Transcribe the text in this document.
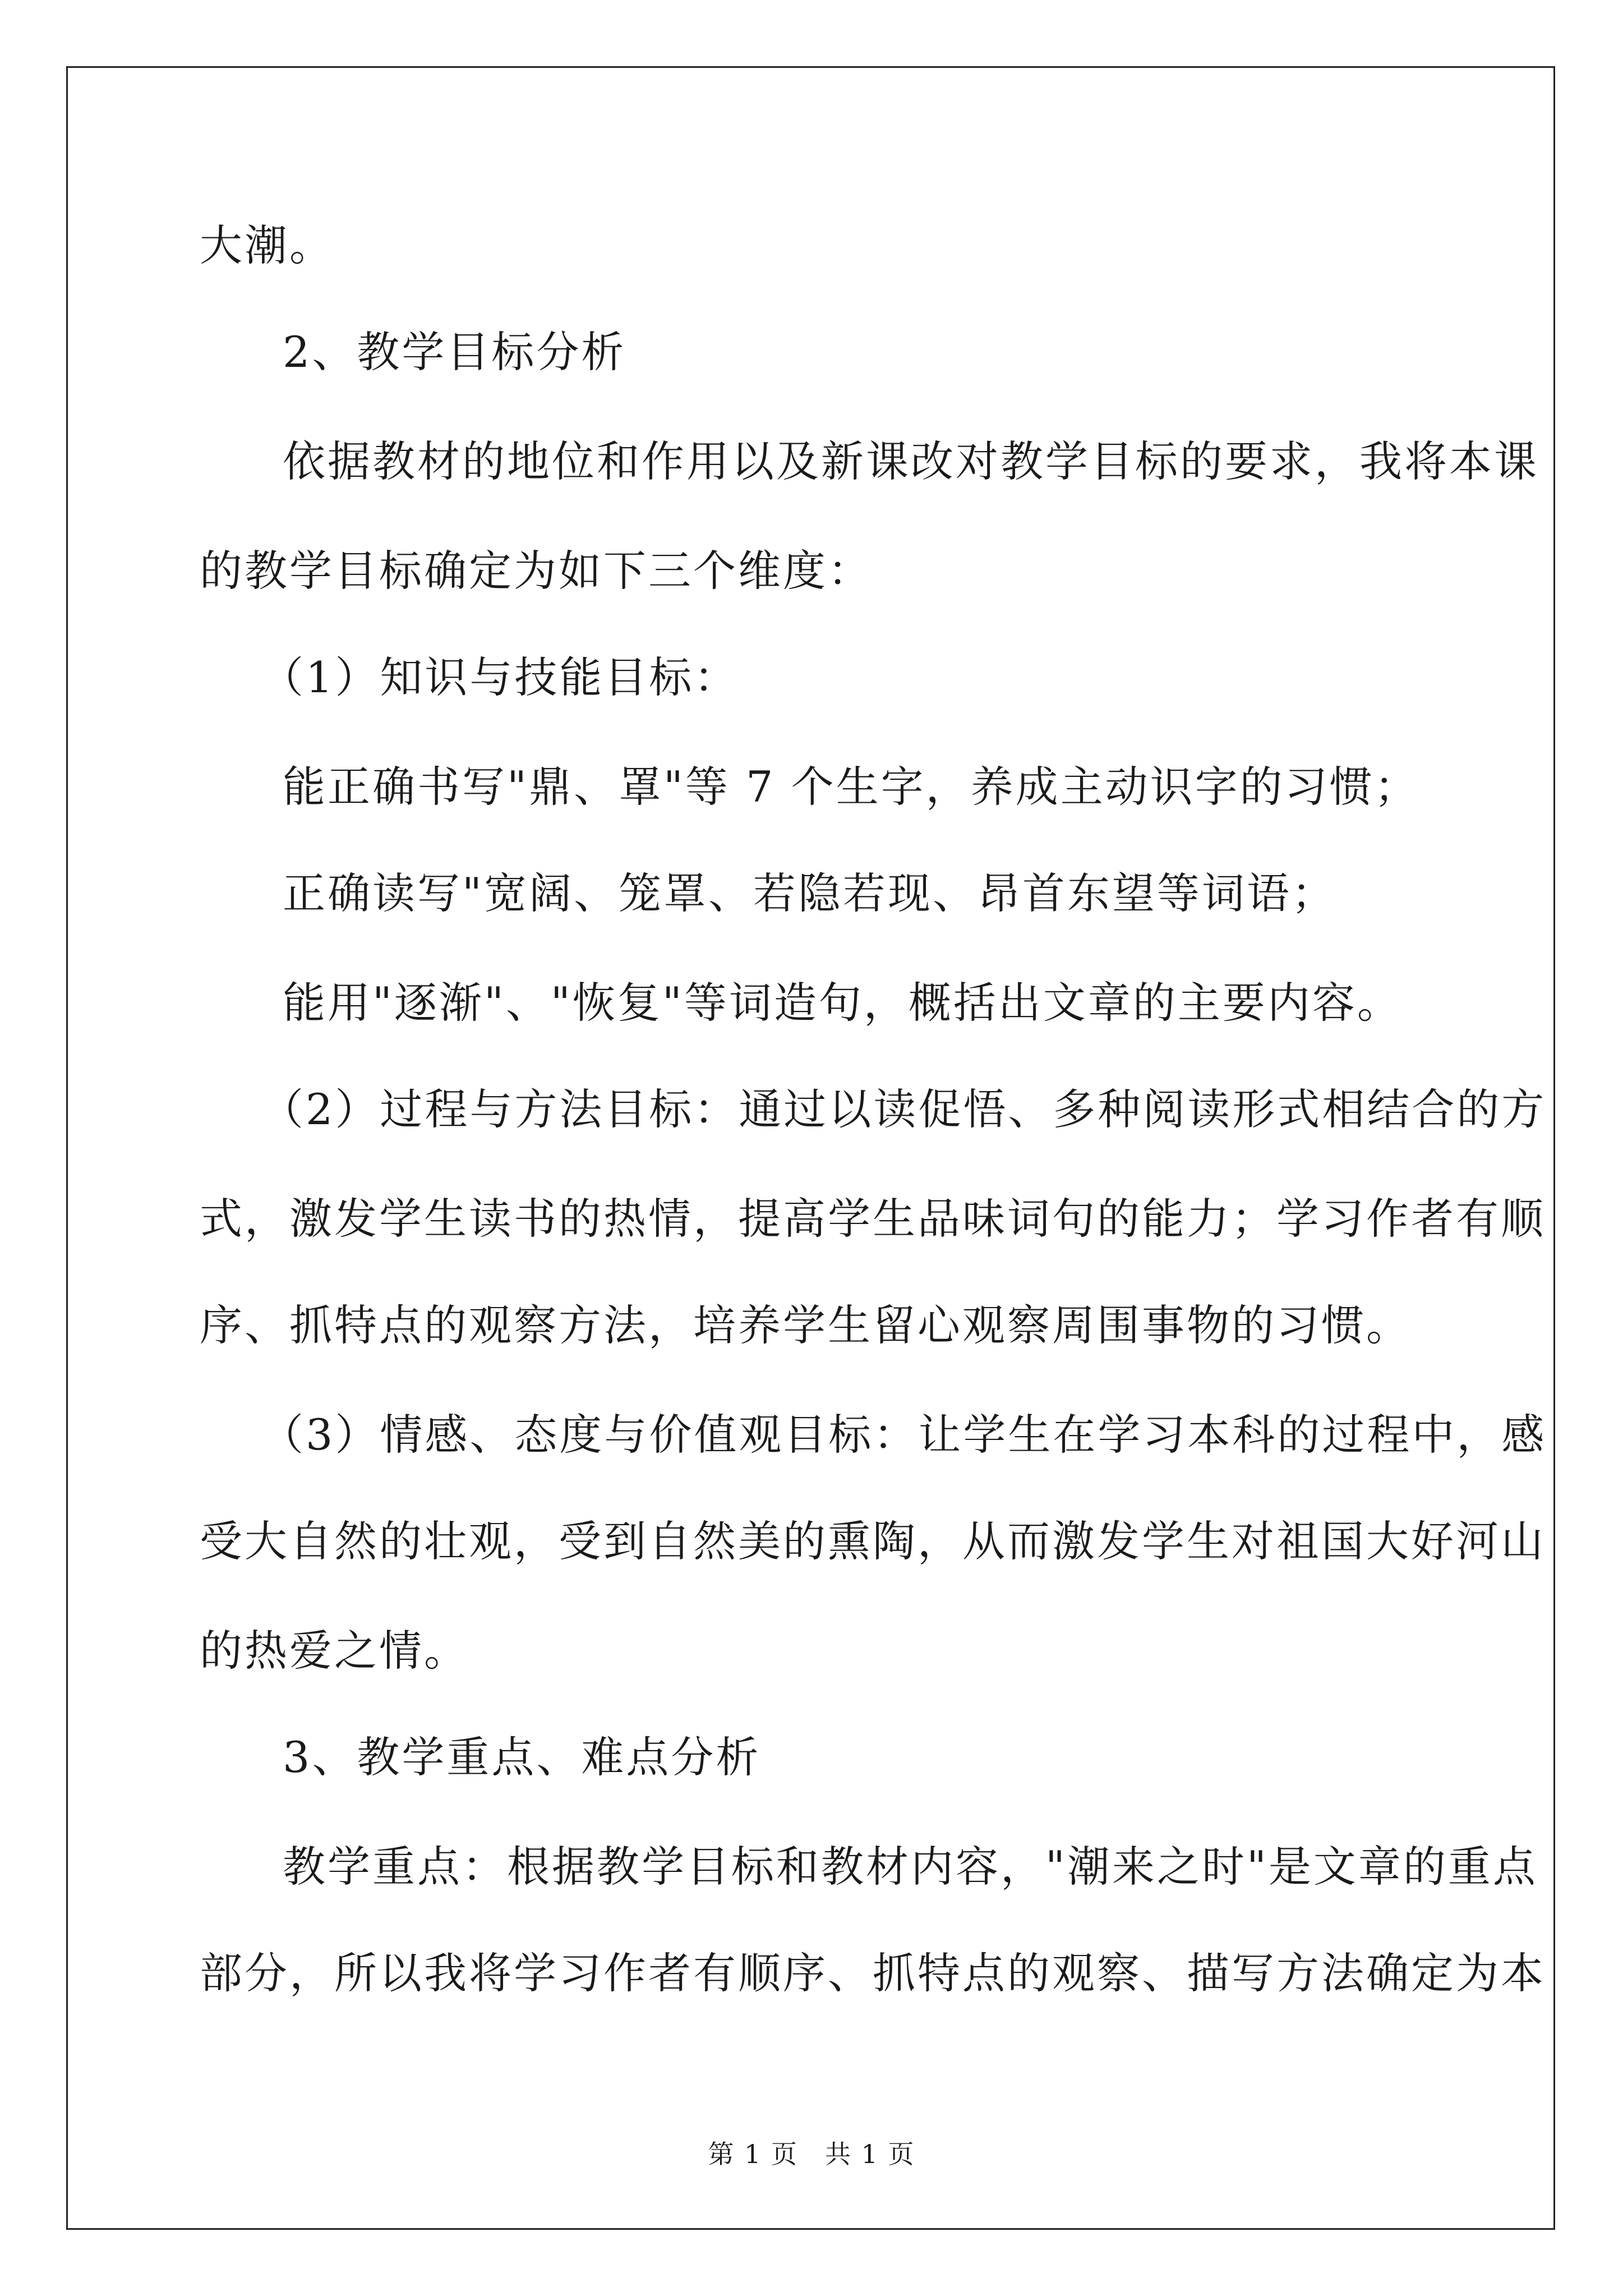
大潮。
2、教学目标分析
依据教材的地位和作用以及新课改对教学目标的要求，我将本课
的教学目标确定为如下三个维度：
（1）知识与技能目标：
能正确书写"鼎、罩"等 7 个生字，养成主动识字的习惯；
正确读写"宽阔、笼罩、若隐若现、昂首东望等词语；
能用"逐渐"、"恢复"等词造句，概括出文章的主要内容。
（2）过程与方法目标：通过以读促悟、多种阅读形式相结合的方
式，激发学生读书的热情，提高学生品味词句的能力；学习作者有顺
序、抓特点的观察方法，培养学生留心观察周围事物的习惯。
（3）情感、态度与价值观目标：让学生在学习本科的过程中，感
受大自然的壮观，受到自然美的熏陶，从而激发学生对祖国大好河山
的热爱之情。
3、教学重点、难点分析
教学重点：根据教学目标和教材内容，"潮来之时"是文章的重点
部分，所以我将学习作者有顺序、抓特点的观察、描写方法确定为本
第 1 页　共 1 页
